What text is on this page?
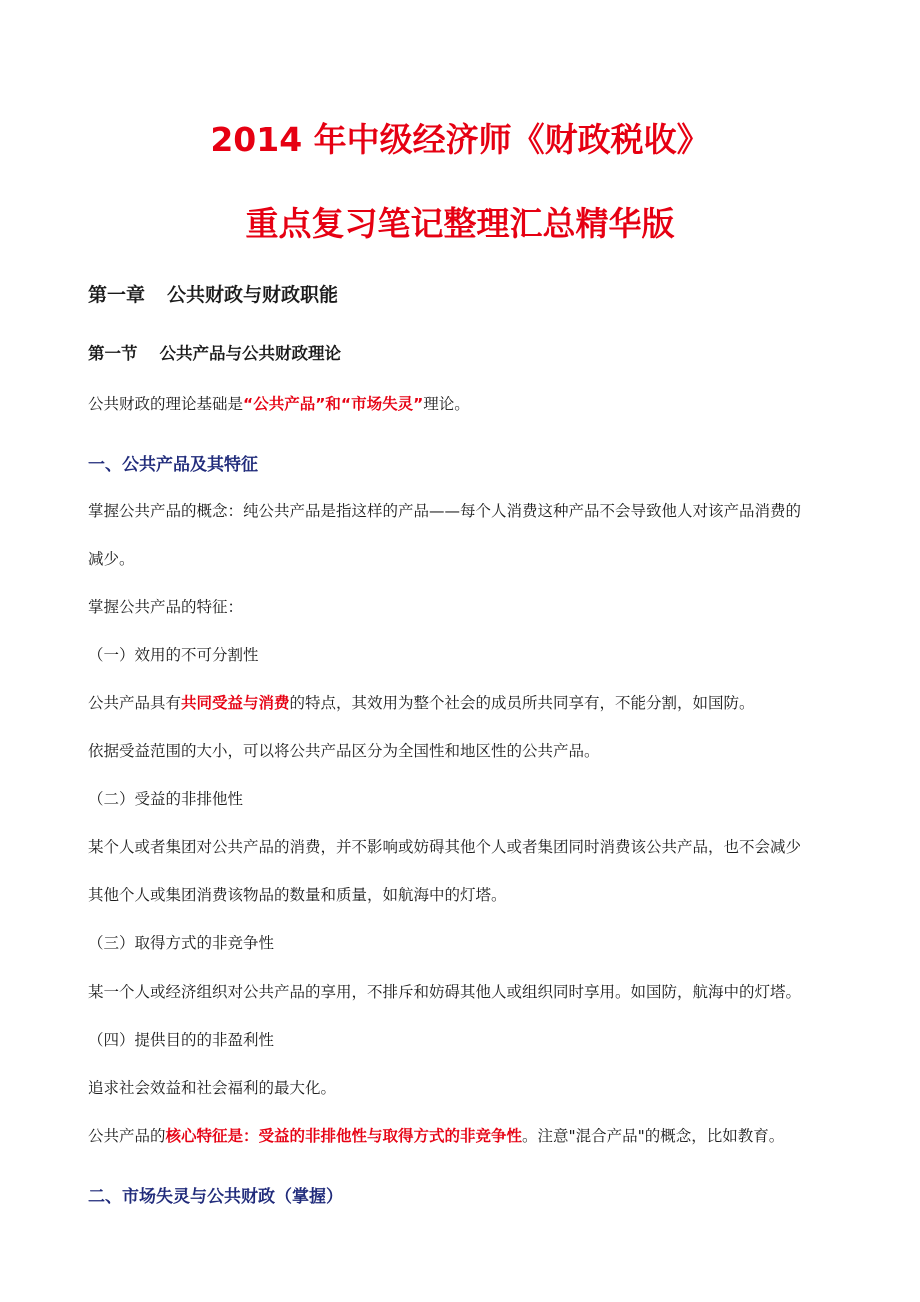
2014 年中级经济师《财政税收》
重点复习笔记整理汇总精华版
第一章 公共财政与财政职能
第一节 公共产品与公共财政理论
公共财政的理论基础是“公共产品”和“市场失灵”理论。
一、公共产品及其特征
掌握公共产品的概念：纯公共产品是指这样的产品——每个人消费这种产品不会导致他人对该产品消费的
减少。
掌握公共产品的特征：
（一）效用的不可分割性
公共产品具有共同受益与消费的特点，其效用为整个社会的成员所共同享有，不能分割，如国防。
依据受益范围的大小，可以将公共产品区分为全国性和地区性的公共产品。
（二）受益的非排他性
某个人或者集团对公共产品的消费，并不影响或妨碍其他个人或者集团同时消费该公共产品，也不会减少
其他个人或集团消费该物品的数量和质量，如航海中的灯塔。
（三）取得方式的非竞争性
某一个人或经济组织对公共产品的享用，不排斥和妨碍其他人或组织同时享用。如国防，航海中的灯塔。
（四）提供目的的非盈利性
追求社会效益和社会福利的最大化。
公共产品的核心特征是：受益的非排他性与取得方式的非竞争性。注意"混合产品"的概念，比如教育。
二、市场失灵与公共财政（掌握）
